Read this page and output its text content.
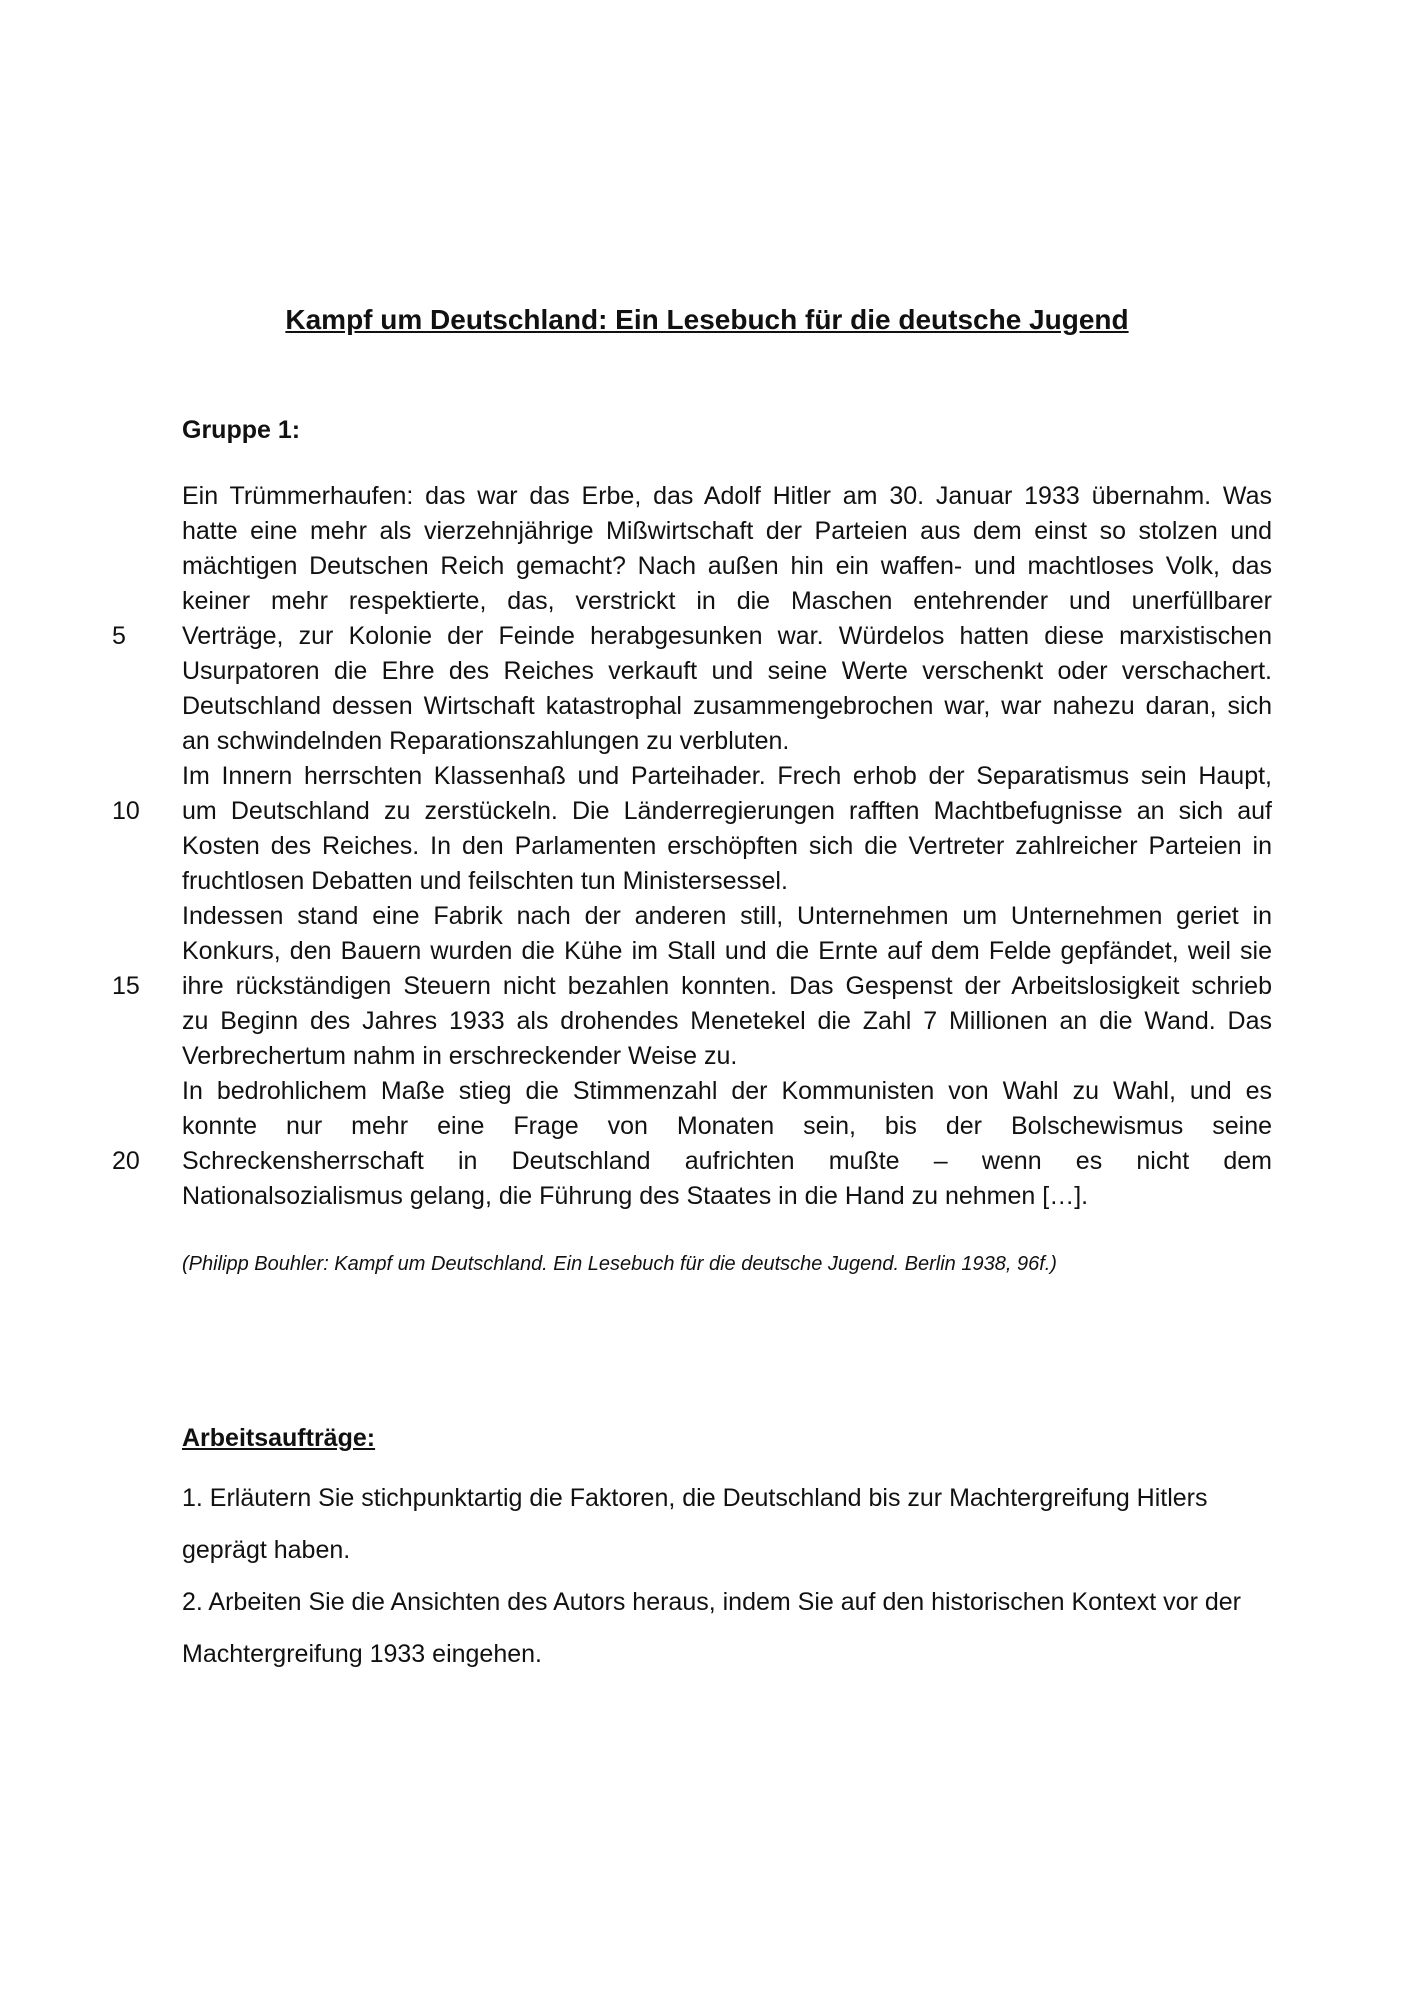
Kampf um Deutschland: Ein Lesebuch für die deutsche Jugend
Gruppe 1:
5
10
15
20
Ein Trümmerhaufen: das war das Erbe, das Adolf Hitler am 30. Januar 1933 übernahm. Was
hatte eine mehr als vierzehnjährige Mißwirtschaft der Parteien aus dem einst so stolzen und
mächtigen Deutschen Reich gemacht? Nach außen hin ein waffen- und machtloses Volk, das
keiner mehr respektierte, das, verstrickt in die Maschen entehrender und unerfüllbarer
Verträge, zur Kolonie der Feinde herabgesunken war. Würdelos hatten diese marxistischen
Usurpatoren die Ehre des Reiches verkauft und seine Werte verschenkt oder verschachert.
Deutschland dessen Wirtschaft katastrophal zusammengebrochen war, war nahezu daran, sich
an schwindelnden Reparationszahlungen zu verbluten.
Im Innern herrschten Klassenhaß und Parteihader. Frech erhob der Separatismus sein Haupt,
um Deutschland zu zerstückeln. Die Länderregierungen rafften Machtbefugnisse an sich auf
Kosten des Reiches. In den Parlamenten erschöpften sich die Vertreter zahlreicher Parteien in
fruchtlosen Debatten und feilschten tun Ministersessel.
Indessen stand eine Fabrik nach der anderen still, Unternehmen um Unternehmen geriet in
Konkurs, den Bauern wurden die Kühe im Stall und die Ernte auf dem Felde gepfändet, weil sie
ihre rückständigen Steuern nicht bezahlen konnten. Das Gespenst der Arbeitslosigkeit schrieb
zu Beginn des Jahres 1933 als drohendes Menetekel die Zahl 7 Millionen an die Wand. Das
Verbrechertum nahm in erschreckender Weise zu.
In bedrohlichem Maße stieg die Stimmenzahl der Kommunisten von Wahl zu Wahl, und es
konnte nur mehr eine Frage von Monaten sein, bis der Bolschewismus seine
Schreckensherrschaft in Deutschland aufrichten mußte – wenn es nicht dem
Nationalsozialismus gelang, die Führung des Staates in die Hand zu nehmen […].
(Philipp Bouhler: Kampf um Deutschland. Ein Lesebuch für die deutsche Jugend. Berlin 1938, 96f.)
Arbeitsaufträge:

1. Erläutern Sie stichpunktartig die Faktoren, die Deutschland bis zur Machtergreifung Hitlers geprägt haben.

2. Arbeiten Sie die Ansichten des Autors heraus, indem Sie auf den historischen Kontext vor der Machtergreifung 1933 eingehen.
